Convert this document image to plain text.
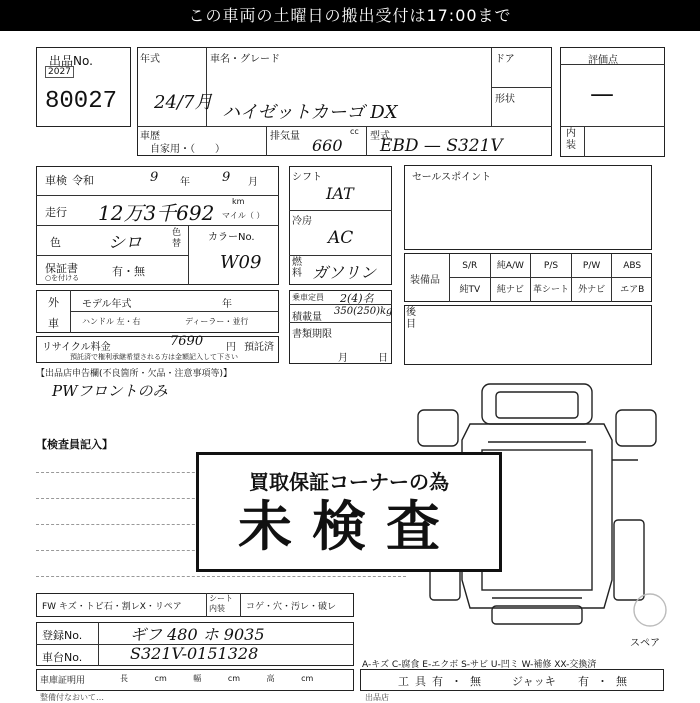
この車両の土曜日の搬出受付は17:00まで
出品No.
2027
80027
年式
24/7月
車名・グレード
ハイゼットカーゴ DX
ドア
形状
車歴
自家用・（　　）
排気量	cc
660	型式
EBD — S321V
評価点
—
内装
車検 令和	9 年 9 月
走行 12万3千692 km
マイル（ ）
色	シロ	色替
カラーNo.
W09
保証書
○を付ける	有・無
シフト
IAT
冷房
AC
燃料 ガソリン
セールスポイント
装備品
S/R	純A/W	P/S	P/W	ABS
純TV	純ナビ	革シート	外ナビ	エアB
外
車
モデル年式	年
ハンドル 左・右	ディーラー・並行
乗車定員 2(4)名
積載量
350(250)kg
書類期限
月	日
後目
リサイクル料金	7690 円 預託済
預託済で権利承継希望される方は金額記入して下さい
【出品店申告欄(不良箇所・欠品・注意事項等)】
PWフロントのみ
【検査員記入】
スペア
買取保証コーナーの為
未検査
FW キズ・トビ石・割レX・リペア
シート 内装	コゲ・穴・汚レ・破レ
登録No.	ギフ 480 ホ 9035
車台No.	S321V-0151328
A-キズ C-腐食 E-エクボ S-サビ U-凹ミ W-補修 XX-交換済
工具 有・無 ジャッキ 有・無
車庫証明用	長 cm 幅 cm 高 cm
整備付なおいて…	出品店
